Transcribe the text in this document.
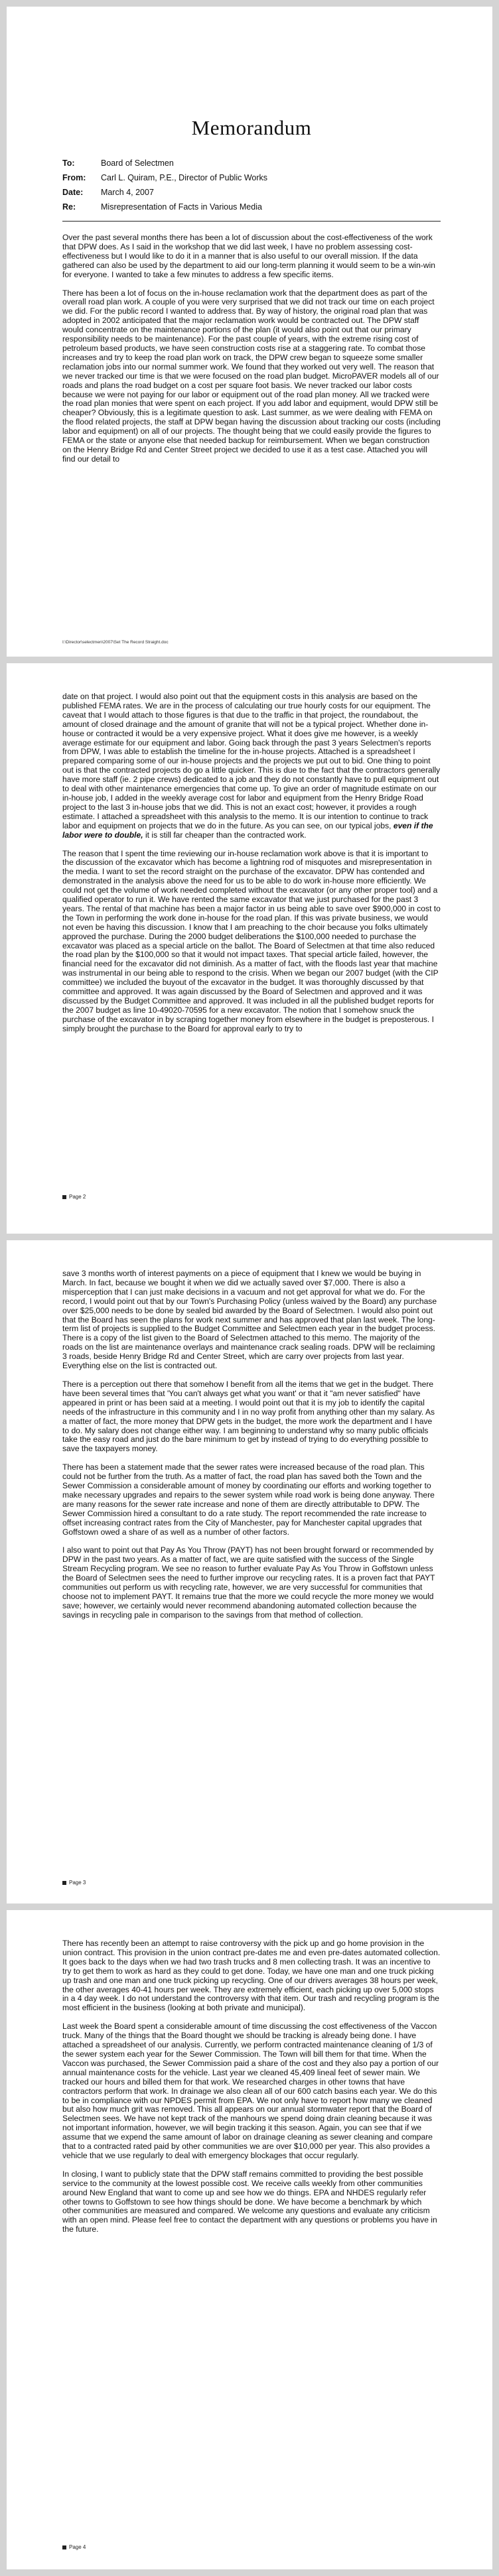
Memorandum
To:	Board of Selectmen
From:	Carl L. Quiram, P.E., Director of Public Works
Date:	March 4, 2007
Re:	Misrepresentation of Facts in Various Media

Over the past several months there has been a lot of discussion about the cost-effectiveness of the work that DPW does. As I said in the workshop that we did last week, I have no problem assessing cost-effectiveness but I would like to do it in a manner that is also useful to our overall mission. If the data gathered can also be used by the department to aid our long-term planning it would seem to be a win-win for everyone. I wanted to take a few minutes to address a few specific items.

There has been a lot of focus on the in-house reclamation work that the department does as part of the overall road plan work. A couple of you were very surprised that we did not track our time on each project we did. For the public record I wanted to address that. By way of history, the original road plan that was adopted in 2002 anticipated that the major reclamation work would be contracted out. The DPW staff would concentrate on the maintenance portions of the plan (it would also point out that our primary responsibility needs to be maintenance). For the past couple of years, with the extreme rising cost of petroleum based products, we have seen construction costs rise at a staggering rate. To combat those increases and try to keep the road plan work on track, the DPW crew began to squeeze some smaller reclamation jobs into our normal summer work. We found that they worked out very well. The reason that we never tracked our time is that we were focused on the road plan budget. MicroPAVER models all of our roads and plans the road budget on a cost per square foot basis. We never tracked our labor costs because we were not paying for our labor or equipment out of the road plan money. All we tracked were the road plan monies that were spent on each project. If you add labor and equipment, would DPW still be cheaper? Obviously, this is a legitimate question to ask. Last summer, as we were dealing with FEMA on the flood related projects, the staff at DPW began having the discussion about tracking our costs (including labor and equipment) on all of our projects. The thought being that we could easily provide the figures to FEMA or the state or anyone else that needed backup for reimbursement. When we began construction on the Henry Bridge Rd and Center Street project we decided to use it as a test case. Attached you will find our detail to

I:\Director\selectmen\2007\Set The Record Straight.doc

date on that project. I would also point out that the equipment costs in this analysis are based on the published FEMA rates. We are in the process of calculating our true hourly costs for our equipment. The caveat that I would attach to those figures is that due to the traffic in that project, the roundabout, the amount of closed drainage and the amount of granite that will not be a typical project. Whether done in-house or contracted it would be a very expensive project. What it does give me however, is a weekly average estimate for our equipment and labor. Going back through the past 3 years Selectmen's reports from DPW, I was able to establish the timeline for the in-house projects. Attached is a spreadsheet I prepared comparing some of our in-house projects and the projects we put out to bid. One thing to point out is that the contracted projects do go a little quicker. This is due to the fact that the contractors generally have more staff (ie. 2 pipe crews) dedicated to a job and they do not constantly have to pull equipment out to deal with other maintenance emergencies that come up. To give an order of magnitude estimate on our in-house job, I added in the weekly average cost for labor and equipment from the Henry Bridge Road project to the last 3 in-house jobs that we did. This is not an exact cost; however, it provides a rough estimate. I attached a spreadsheet with this analysis to the memo. It is our intention to continue to track labor and equipment on projects that we do in the future. As you can see, on our typical jobs, even if the labor were to double, it is still far cheaper than the contracted work.

The reason that I spent the time reviewing our in-house reclamation work above is that it is important to the discussion of the excavator which has become a lightning rod of misquotes and misrepresentation in the media. I want to set the record straight on the purchase of the excavator. DPW has contended and demonstrated in the analysis above the need for us to be able to do work in-house more efficiently. We could not get the volume of work needed completed without the excavator (or any other proper tool) and a qualified operator to run it. We have rented the same excavator that we just purchased for the past 3 years. The rental of that machine has been a major factor in us being able to save over $900,000 in cost to the Town in performing the work done in-house for the road plan. If this was private business, we would not even be having this discussion. I know that I am preaching to the choir because you folks ultimately approved the purchase. During the 2000 budget deliberations the $100,000 needed to purchase the excavator was placed as a special article on the ballot. The Board of Selectmen at that time also reduced the road plan by the $100,000 so that it would not impact taxes. That special article failed, however, the financial need for the excavator did not diminish. As a matter of fact, with the floods last year that machine was instrumental in our being able to respond to the crisis. When we began our 2007 budget (with the CIP committee) we included the buyout of the excavator in the budget. It was thoroughly discussed by that committee and approved. It was again discussed by the Board of Selectmen and approved and it was discussed by the Budget Committee and approved. It was included in all the published budget reports for the 2007 budget as line 10-49020-70595 for a new excavator. The notion that I somehow snuck the purchase of the excavator in by scraping together money from elsewhere in the budget is preposterous. I simply brought the purchase to the Board for approval early to try to

Page 2

save 3 months worth of interest payments on a piece of equipment that I knew we would be buying in March. In fact, because we bought it when we did we actually saved over $7,000. There is also a misperception that I can just make decisions in a vacuum and not get approval for what we do. For the record, I would point out that by our Town's Purchasing Policy (unless waived by the Board) any purchase over $25,000 needs to be done by sealed bid awarded by the Board of Selectmen. I would also point out that the Board has seen the plans for work next summer and has approved that plan last week. The long-term list of projects is supplied to the Budget Committee and Selectmen each year in the budget process. There is a copy of the list given to the Board of Selectmen attached to this memo. The majority of the roads on the list are maintenance overlays and maintenance crack sealing roads. DPW will be reclaiming 3 roads, beside Henry Bridge Rd and Center Street, which are carry over projects from last year. Everything else on the list is contracted out.

There is a perception out there that somehow I benefit from all the items that we get in the budget. There have been several times that 'You can't always get what you want' or that it "am never satisfied" have appeared in print or has been said at a meeting. I would point out that it is my job to identify the capital needs of the infrastructure in this community and I in no way profit from anything other than my salary. As a matter of fact, the more money that DPW gets in the budget, the more work the department and I have to do. My salary does not change either way. I am beginning to understand why so many public officials take the easy road and just do the bare minimum to get by instead of trying to do everything possible to save the taxpayers money.

There has been a statement made that the sewer rates were increased because of the road plan. This could not be further from the truth. As a matter of fact, the road plan has saved both the Town and the Sewer Commission a considerable amount of money by coordinating our efforts and working together to make necessary upgrades and repairs to the sewer system while road work is being done anyway. There are many reasons for the sewer rate increase and none of them are directly attributable to DPW. The Sewer Commission hired a consultant to do a rate study. The report recommended the rate increase to offset increasing contract rates from the City of Manchester, pay for Manchester capital upgrades that Goffstown owed a share of as well as a number of other factors.

I also want to point out that Pay As You Throw (PAYT) has not been brought forward or recommended by DPW in the past two years. As a matter of fact, we are quite satisfied with the success of the Single Stream Recycling program. We see no reason to further evaluate Pay As You Throw in Goffstown unless the Board of Selectmen sees the need to further improve our recycling rates. It is a proven fact that PAYT communities out perform us with recycling rate, however, we are very successful for communities that choose not to implement PAYT. It remains true that the more we could recycle the more money we would save; however, we certainly would never recommend abandoning automated collection because the savings in recycling pale in comparison to the savings from that method of collection.

Page 3

There has recently been an attempt to raise controversy with the pick up and go home provision in the union contract. This provision in the union contract pre-dates me and even pre-dates automated collection. It goes back to the days when we had two trash trucks and 8 men collecting trash. It was an incentive to try to get them to work as hard as they could to get done. Today, we have one man and one truck picking up trash and one man and one truck picking up recycling. One of our drivers averages 38 hours per week, the other averages 40-41 hours per week. They are extremely efficient, each picking up over 5,000 stops in a 4 day week. I do not understand the controversy with that item. Our trash and recycling program is the most efficient in the business (looking at both private and municipal).

Last week the Board spent a considerable amount of time discussing the cost effectiveness of the Vaccon truck. Many of the things that the Board thought we should be tracking is already being done. I have attached a spreadsheet of our analysis. Currently, we perform contracted maintenance cleaning of 1/3 of the sewer system each year for the Sewer Commission. The Town will bill them for that time. When the Vaccon was purchased, the Sewer Commission paid a share of the cost and they also pay a portion of our annual maintenance costs for the vehicle. Last year we cleaned 45,409 lineal feet of sewer main. We tracked our hours and billed them for that work. We researched charges in other towns that have contractors perform that work. In drainage we also clean all of our 600 catch basins each year. We do this to be in compliance with our NPDES permit from EPA. We not only have to report how many we cleaned but also how much grit was removed. This all appears on our annual stormwater report that the Board of Selectmen sees. We have not kept track of the manhours we spend doing drain cleaning because it was not important information, however, we will begin tracking it this season. Again, you can see that if we assume that we expend the same amount of labor on drainage cleaning as sewer cleaning and compare that to a contracted rated paid by other communities we are over $10,000 per year. This also provides a vehicle that we use regularly to deal with emergency blockages that occur regularly.

In closing, I want to publicly state that the DPW staff remains committed to providing the best possible service to the community at the lowest possible cost. We receive calls weekly from other communities around New England that want to come up and see how we do things. EPA and NHDES regularly refer other towns to Goffstown to see how things should be done. We have become a benchmark by which other communities are measured and compared. We welcome any questions and evaluate any criticism with an open mind. Please feel free to contact the department with any questions or problems you have in the future.

Page 4
